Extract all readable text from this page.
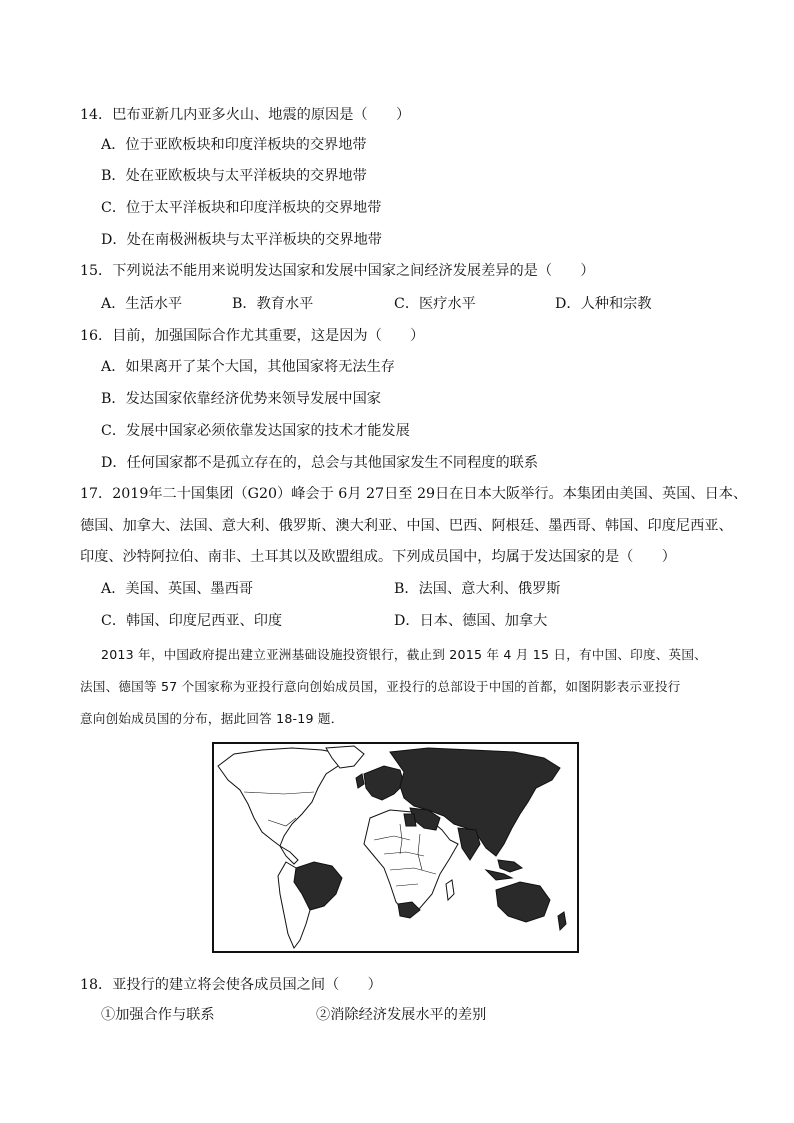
14．巴布亚新几内亚多火山、地震的原因是（　　）
A．位于亚欧板块和印度洋板块的交界地带
B．处在亚欧板块与太平洋板块的交界地带
C．位于太平洋板块和印度洋板块的交界地带
D．处在南极洲板块与太平洋板块的交界地带
15．下列说法不能用来说明发达国家和发展中国家之间经济发展差异的是（　　）
A．生活水平	B．教育水平	C．医疗水平	D．人种和宗教
16．目前，加强国际合作尤其重要，这是因为（　　）
A．如果离开了某个大国，其他国家将无法生存
B．发达国家依靠经济优势来领导发展中国家
C．发展中国家必须依靠发达国家的技术才能发展
D．任何国家都不是孤立存在的，总会与其他国家发生不同程度的联系
17．2019年二十国集团（G20）峰会于 6月 27日至 29日在日本大阪举行。本集团由美国、英国、日本、
德国、加拿大、法国、意大利、俄罗斯、澳大利亚、中国、巴西、阿根廷、墨西哥、韩国、印度尼西亚、
印度、沙特阿拉伯、南非、土耳其以及欧盟组成。下列成员国中，均属于发达国家的是（　　）
A．美国、英国、墨西哥	B．法国、意大利、俄罗斯
C．韩国、印度尼西亚、印度	D．日本、德国、加拿大
2013 年，中国政府提出建立亚洲基础设施投资银行，截止到 2015 年 4 月 15 日，有中国、印度、英国、
法国、德国等 57 个国家称为亚投行意向创始成员国，亚投行的总部设于中国的首都，如图阴影表示亚投行
意向创始成员国的分布，据此回答 18-19 题．
18．亚投行的建立将会使各成员国之间（　　）
①加强合作与联系	②消除经济发展水平的差别
